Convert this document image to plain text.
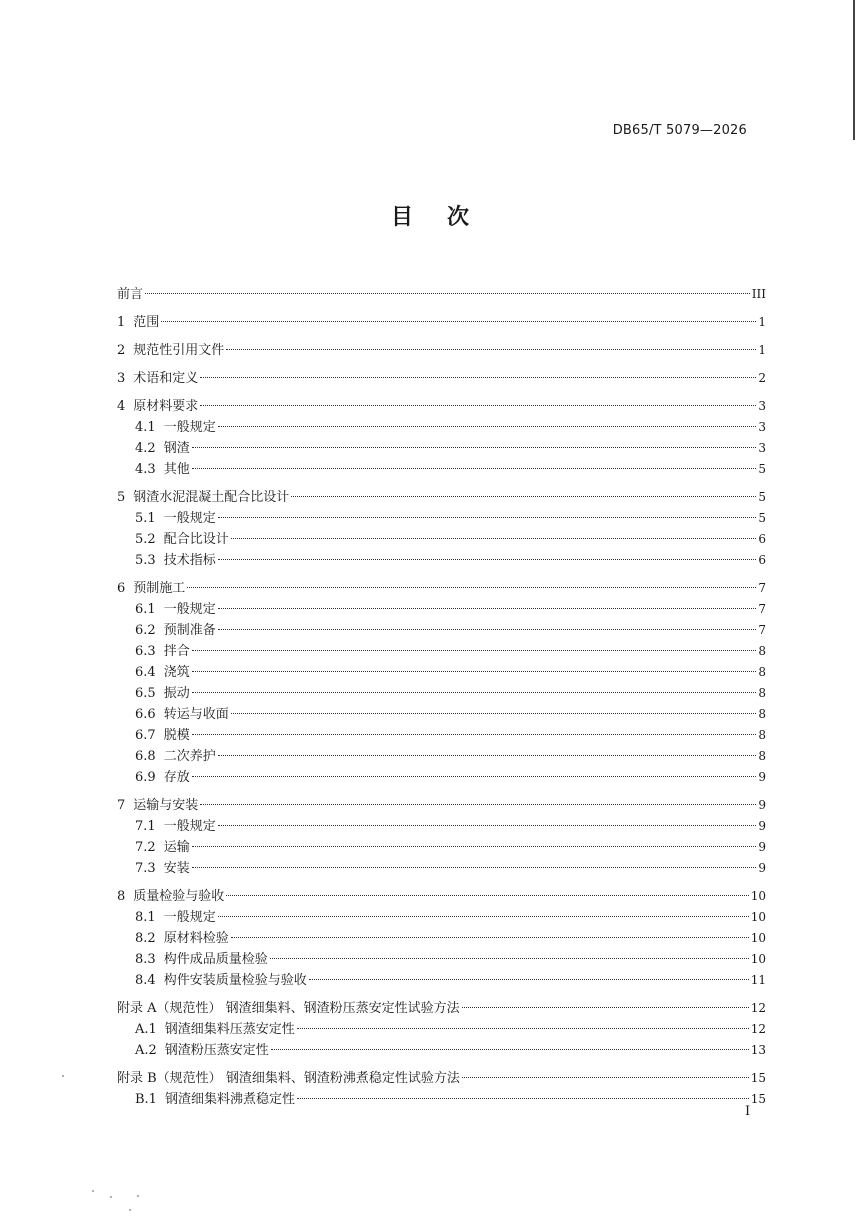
DB65/T 5079—2026
目次
前言	III
1 范围	1
2 规范性引用文件	1
3 术语和定义	2
4 原材料要求	3
4.1 一般规定	3
4.2 钢渣	3
4.3 其他	5
5 钢渣水泥混凝土配合比设计	5
5.1 一般规定	5
5.2 配合比设计	6
5.3 技术指标	6
6 预制施工	7
6.1 一般规定	7
6.2 预制准备	7
6.3 拌合	8
6.4 浇筑	8
6.5 振动	8
6.6 转运与收面	8
6.7 脱模	8
6.8 二次养护	8
6.9 存放	9
7 运输与安装	9
7.1 一般规定	9
7.2 运输	9
7.3 安装	9
8 质量检验与验收	10
8.1 一般规定	10
8.2 原材料检验	10
8.3 构件成品质量检验	10
8.4 构件安装质量检验与验收	11
附录 A（规范性） 钢渣细集料、钢渣粉压蒸安定性试验方法	12
A.1 钢渣细集料压蒸安定性	12
A.2 钢渣粉压蒸安定性	13
附录 B（规范性） 钢渣细集料、钢渣粉沸煮稳定性试验方法	15
B.1 钢渣细集料沸煮稳定性	15
I
